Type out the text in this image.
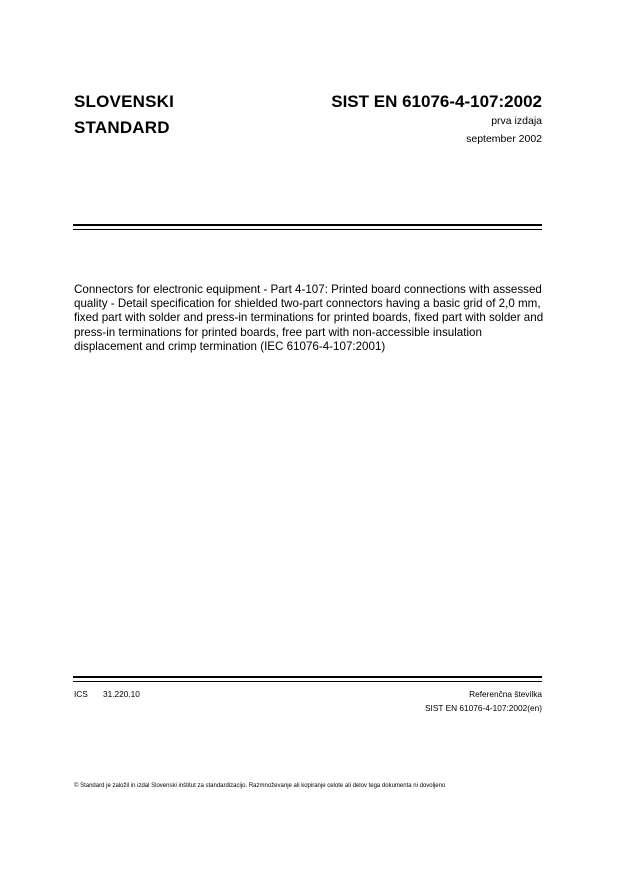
SLOVENSKI
STANDARD
SIST EN 61076-4-107:2002
prva izdaja
september 2002
Connectors for electronic equipment - Part 4-107: Printed board connections with assessed quality - Detail specification for shielded two-part connectors having a basic grid of 2,0 mm, fixed part with solder and press-in terminations for printed boards, fixed part with solder and press-in terminations for printed boards, free part with non-accessible insulation displacement and crimp termination (IEC 61076-4-107:2001)
ICS 31.220.10	Referenčna številka
SIST EN 61076-4-107:2002(en)
© Standard je založil in izdal Slovenski inštitut za standardizacijo. Razmnoževanje ali kopiranje celote ali delov tega dokumenta ni dovoljeno
